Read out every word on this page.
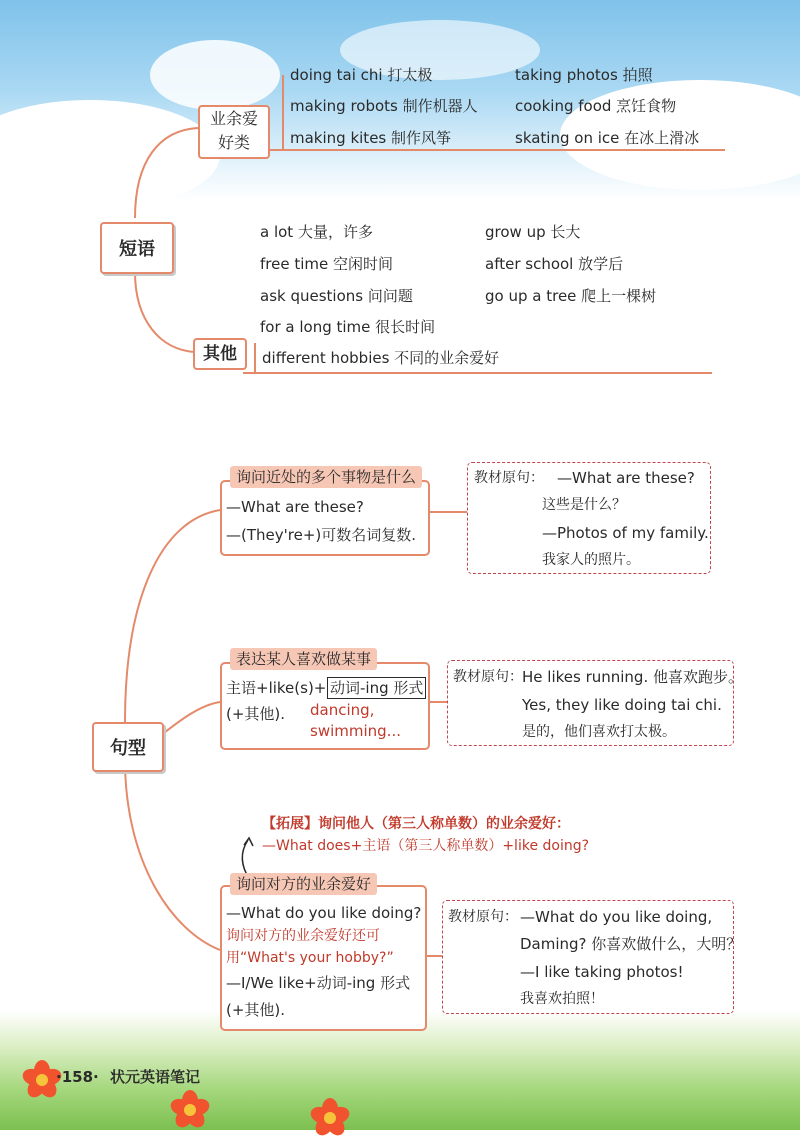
短语
业余爱好类
doing tai chi 打太极
making robots 制作机器人
making kites 制作风筝
taking photos 拍照
cooking food 烹饪食物
skating on ice 在冰上滑冰
其他
a lot 大量，许多
free time 空闲时间
ask questions 问问题
for a long time 很长时间
different hobbies 不同的业余爱好
grow up 长大
after school 放学后
go up a tree 爬上一棵树
句型
询问近处的多个事物是什么
—What are these?
—(They're+)可数名词复数.
教材原句： —What are these?
这些是什么？
—Photos of my family.
我家人的照片。
表达某人喜欢做某事
主语+like(s)+ 动词-ing 形式
(+其他). dancing,
swimming...
教材原句： He likes running. 他喜欢跑步。
Yes, they like doing tai chi.
是的，他们喜欢打太极。
【拓展】询问他人（第三人称单数）的业余爱好：
—What does+主语（第三人称单数）+like doing?
询问对方的业余爱好
—What do you like doing?
询问对方的业余爱好还可
用“What's your hobby?”
—I/We like+动词-ing 形式
(+其他).
教材原句： —What do you like doing,
Daming? 你喜欢做什么，大明？
—I like taking photos!
我喜欢拍照！
·158· 状元英语笔记
